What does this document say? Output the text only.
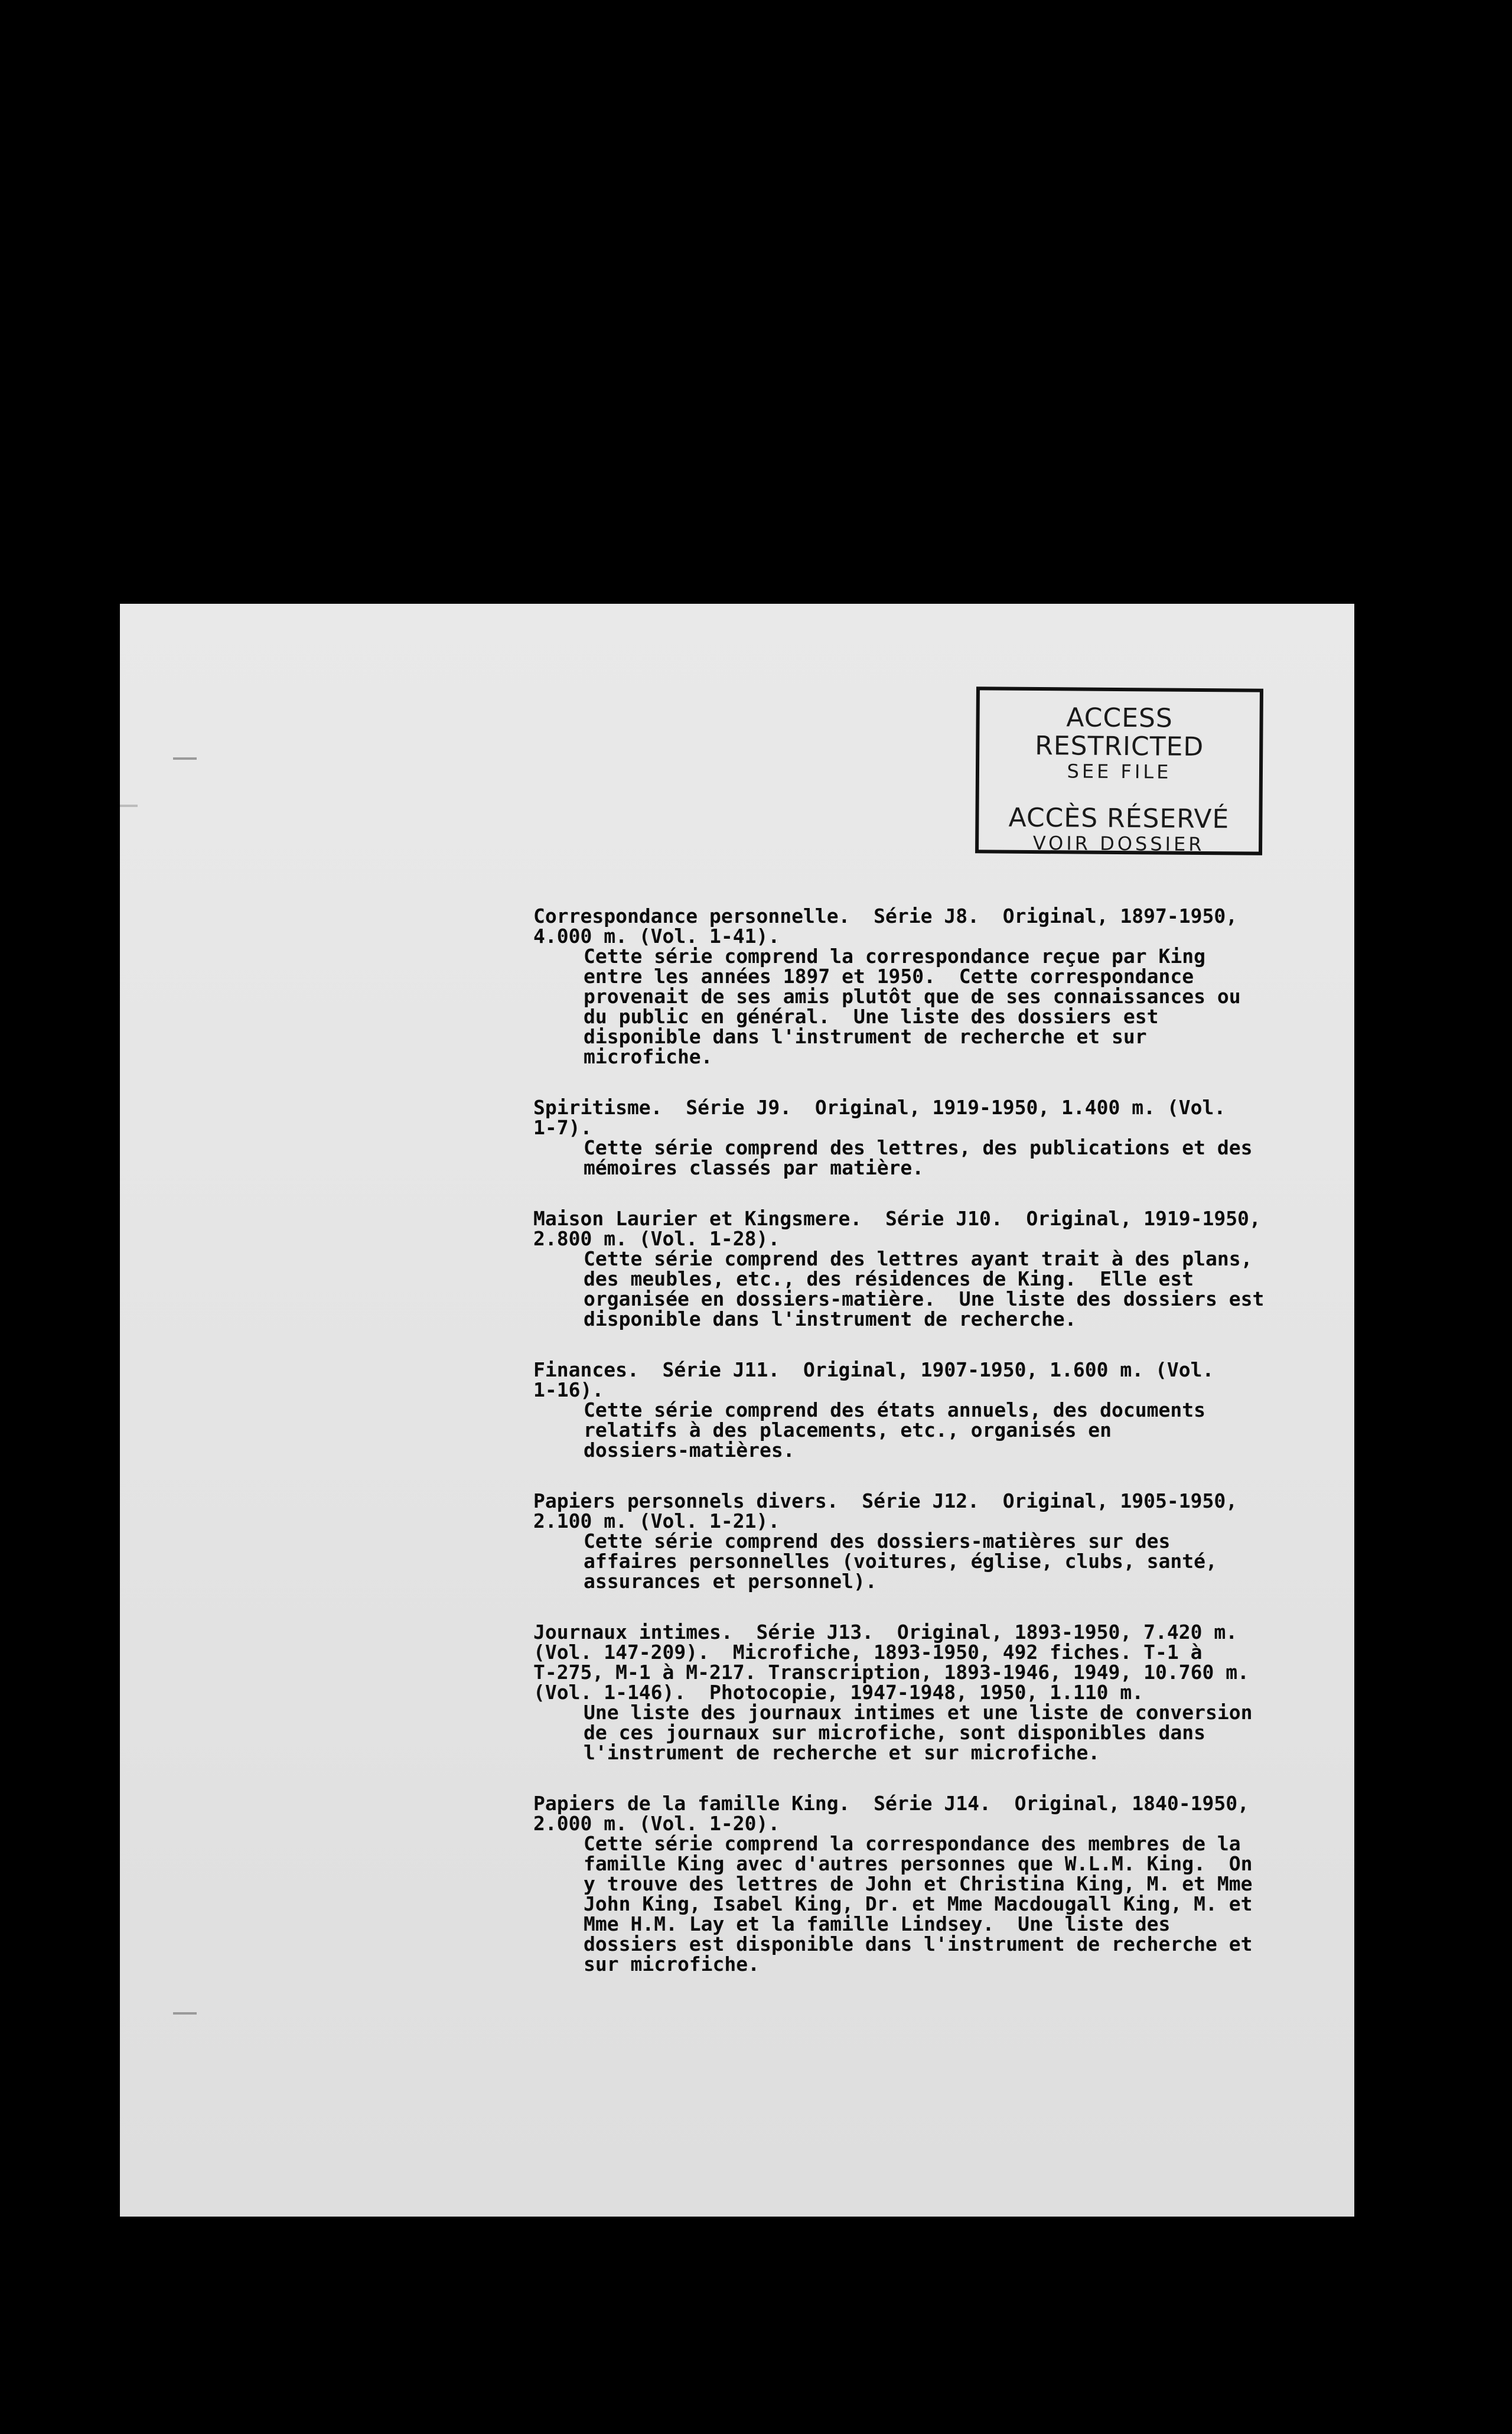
ACCESS RESTRICTED
SEE FILE
ACCÈS RÉSERVÉ
VOIR DOSSIER

Correspondance personnelle.  Série J8.  Original, 1897-1950,
4.000 m. (Vol. 1-41).

Cette série comprend la correspondance reçue par King
entre les années 1897 et 1950.  Cette correspondance
provenait de ses amis plutôt que de ses connaissances ou
du public en général.  Une liste des dossiers est
disponible dans l'instrument de recherche et sur
microfiche.

Spiritisme.  Série J9.  Original, 1919-1950, 1.400 m. (Vol.
1-7).

Cette série comprend des lettres, des publications et des
mémoires classés par matière.

Maison Laurier et Kingsmere.  Série J10.  Original, 1919-1950,
2.800 m. (Vol. 1-28).

Cette série comprend des lettres ayant trait à des plans,
des meubles, etc., des résidences de King.  Elle est
organisée en dossiers-matière.  Une liste des dossiers est
disponible dans l'instrument de recherche.

Finances.  Série J11.  Original, 1907-1950, 1.600 m. (Vol.
1-16).

Cette série comprend des états annuels, des documents
relatifs à des placements, etc., organisés en
dossiers-matières.

Papiers personnels divers.  Série J12.  Original, 1905-1950,
2.100 m. (Vol. 1-21).

Cette série comprend des dossiers-matières sur des
affaires personnelles (voitures, église, clubs, santé,
assurances et personnel).

Journaux intimes.  Série J13.  Original, 1893-1950, 7.420 m.
(Vol. 147-209).  Microfiche, 1893-1950, 492 fiches. T-1 à
T-275, M-1 à M-217. Transcription, 1893-1946, 1949, 10.760 m.
(Vol. 1-146).  Photocopie, 1947-1948, 1950, 1.110 m.

Une liste des journaux intimes et une liste de conversion
de ces journaux sur microfiche, sont disponibles dans
l'instrument de recherche et sur microfiche.

Papiers de la famille King.  Série J14.  Original, 1840-1950,
2.000 m. (Vol. 1-20).

Cette série comprend la correspondance des membres de la
famille King avec d'autres personnes que W.L.M. King.  On
y trouve des lettres de John et Christina King, M. et Mme
John King, Isabel King, Dr. et Mme Macdougall King, M. et
Mme H.M. Lay et la famille Lindsey.  Une liste des
dossiers est disponible dans l'instrument de recherche et
sur microfiche.
